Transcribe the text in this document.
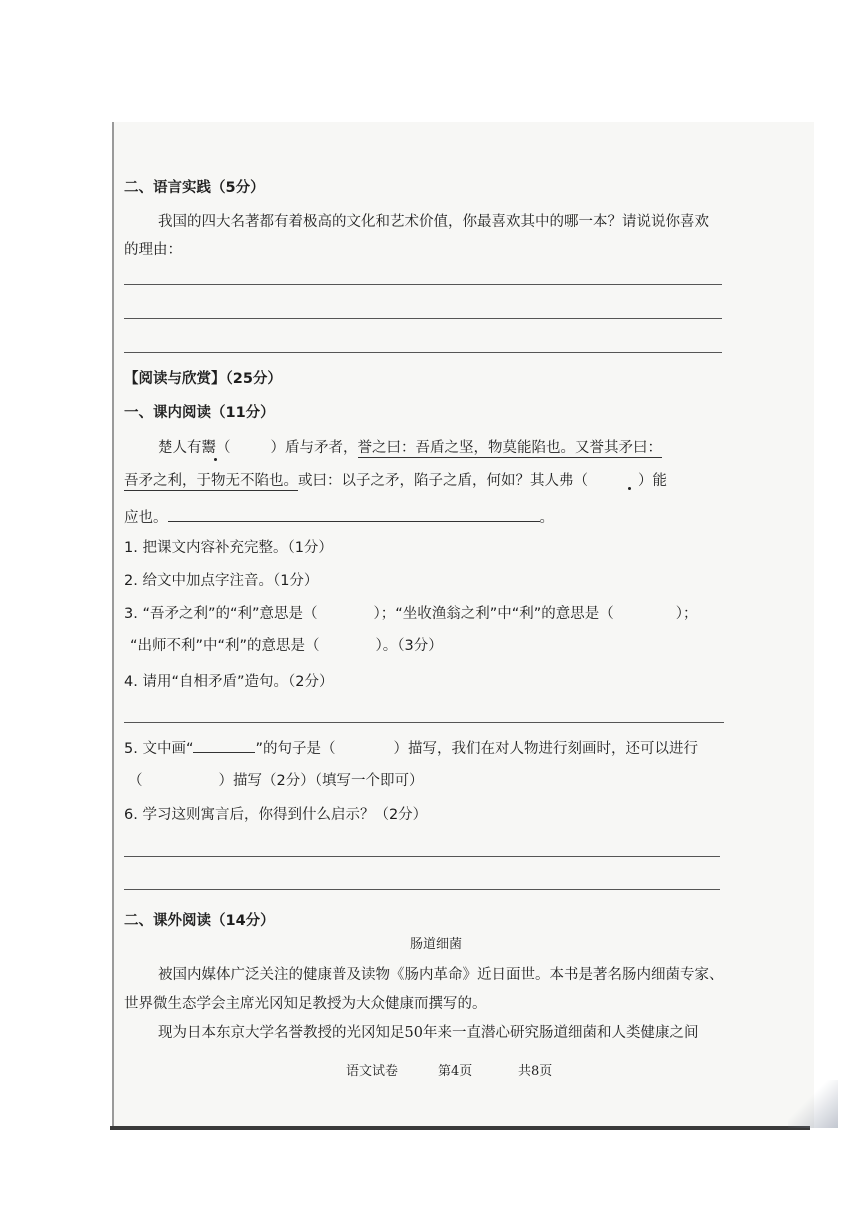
二、语言实践（5分）
我国的四大名著都有着极高的文化和艺术价值，你最喜欢其中的哪一本？请说说你喜欢
的理由：
【阅读与欣赏】（25分）
一、课内阅读（11分）
楚人有鬻（	）盾与矛者，誉之曰：吾盾之坚，物莫能陷也。又誉其矛曰：
吾矛之利，于物无不陷也。或曰：以子之矛，陷子之盾，何如？其人弗（	）能
应也。	。
1. 把课文内容补充完整。（1分）
2. 给文中加点字注音。（1分）
3. “吾矛之利”的“利”意思是（	）；“坐收渔翁之利”中“利”的意思是（	）；
“出师不利”中“利”的意思是（	）。（3分）
4. 请用“自相矛盾”造句。（2分）
5. 文中画“	”的句子是（	）描写，我们在对人物进行刻画时，还可以进行
（	）描写（2分）（填写一个即可）
6. 学习这则寓言后，你得到什么启示？（2分）
二、课外阅读（14分）
肠道细菌
被国内媒体广泛关注的健康普及读物《肠内革命》近日面世。本书是著名肠内细菌专家、
世界微生态学会主席光冈知足教授为大众健康而撰写的。
现为日本东京大学名誉教授的光冈知足50年来一直潜心研究肠道细菌和人类健康之间
语文试卷	第4页	共8页
